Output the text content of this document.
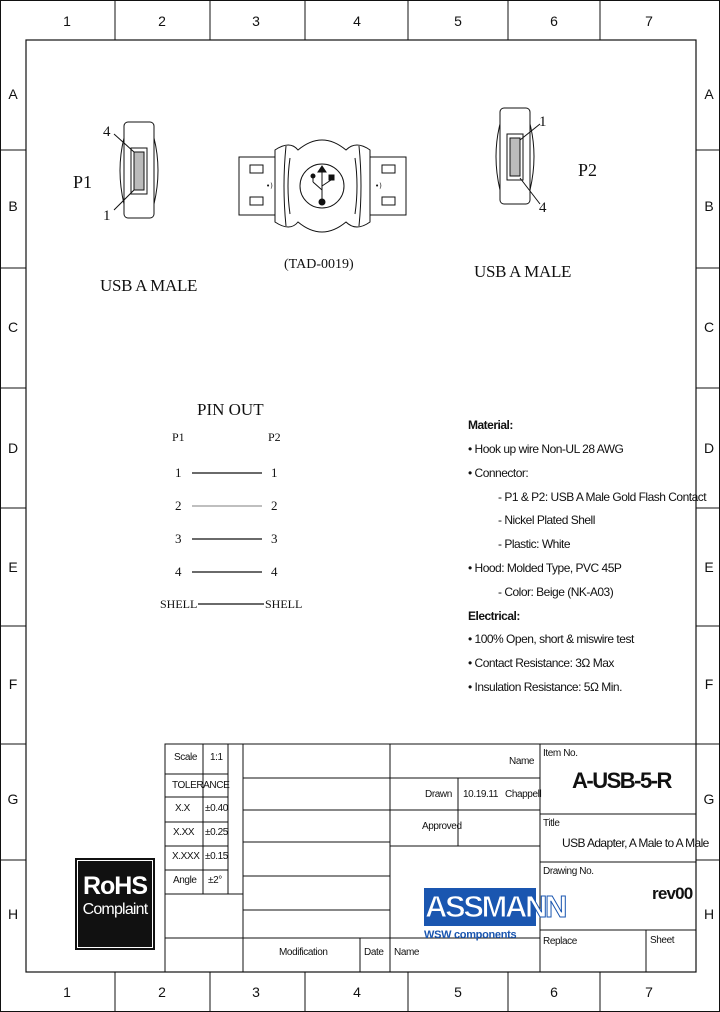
•)	•)
1	2	3	4	5	6	7
1	2	3	4	5	6	7
A
B
C
D
E
F
G
H
A
B
C
D
E
F
G
H
P1
4
1
P2
1
4
USB A MALE
USB A MALE
(TAD-0019)
PIN OUT
P1	P2
1	1
2	2
3	3
4	4
SHELL	SHELL
Material:
• Hook up wire Non-UL 28 AWG
• Connector:
- P1 & P2: USB A Male Gold Flash Contact
- Nickel Plated Shell
- Plastic: White
• Hood: Molded Type, PVC 45P
- Color: Beige (NK-A03)
Electrical:
• 100% Open, short & miswire test
• Contact Resistance: 3Ω Max
• Insulation Resistance: 5Ω Min.
RoHS
Complaint
Scale 1:1
TOLERANCE
X.X ±0.40
X.XX ±0.25
X.XXX ±0.15
Angle ±2°
Modification	Date Name
Name
Drawn 10.19.11 Chappell
Approved
Item No.
A-USB-5-R
Title
USB Adapter, A Male to A Male
Drawing No.
rev00
Replace	Sheet
ASSMANN
WSW components
